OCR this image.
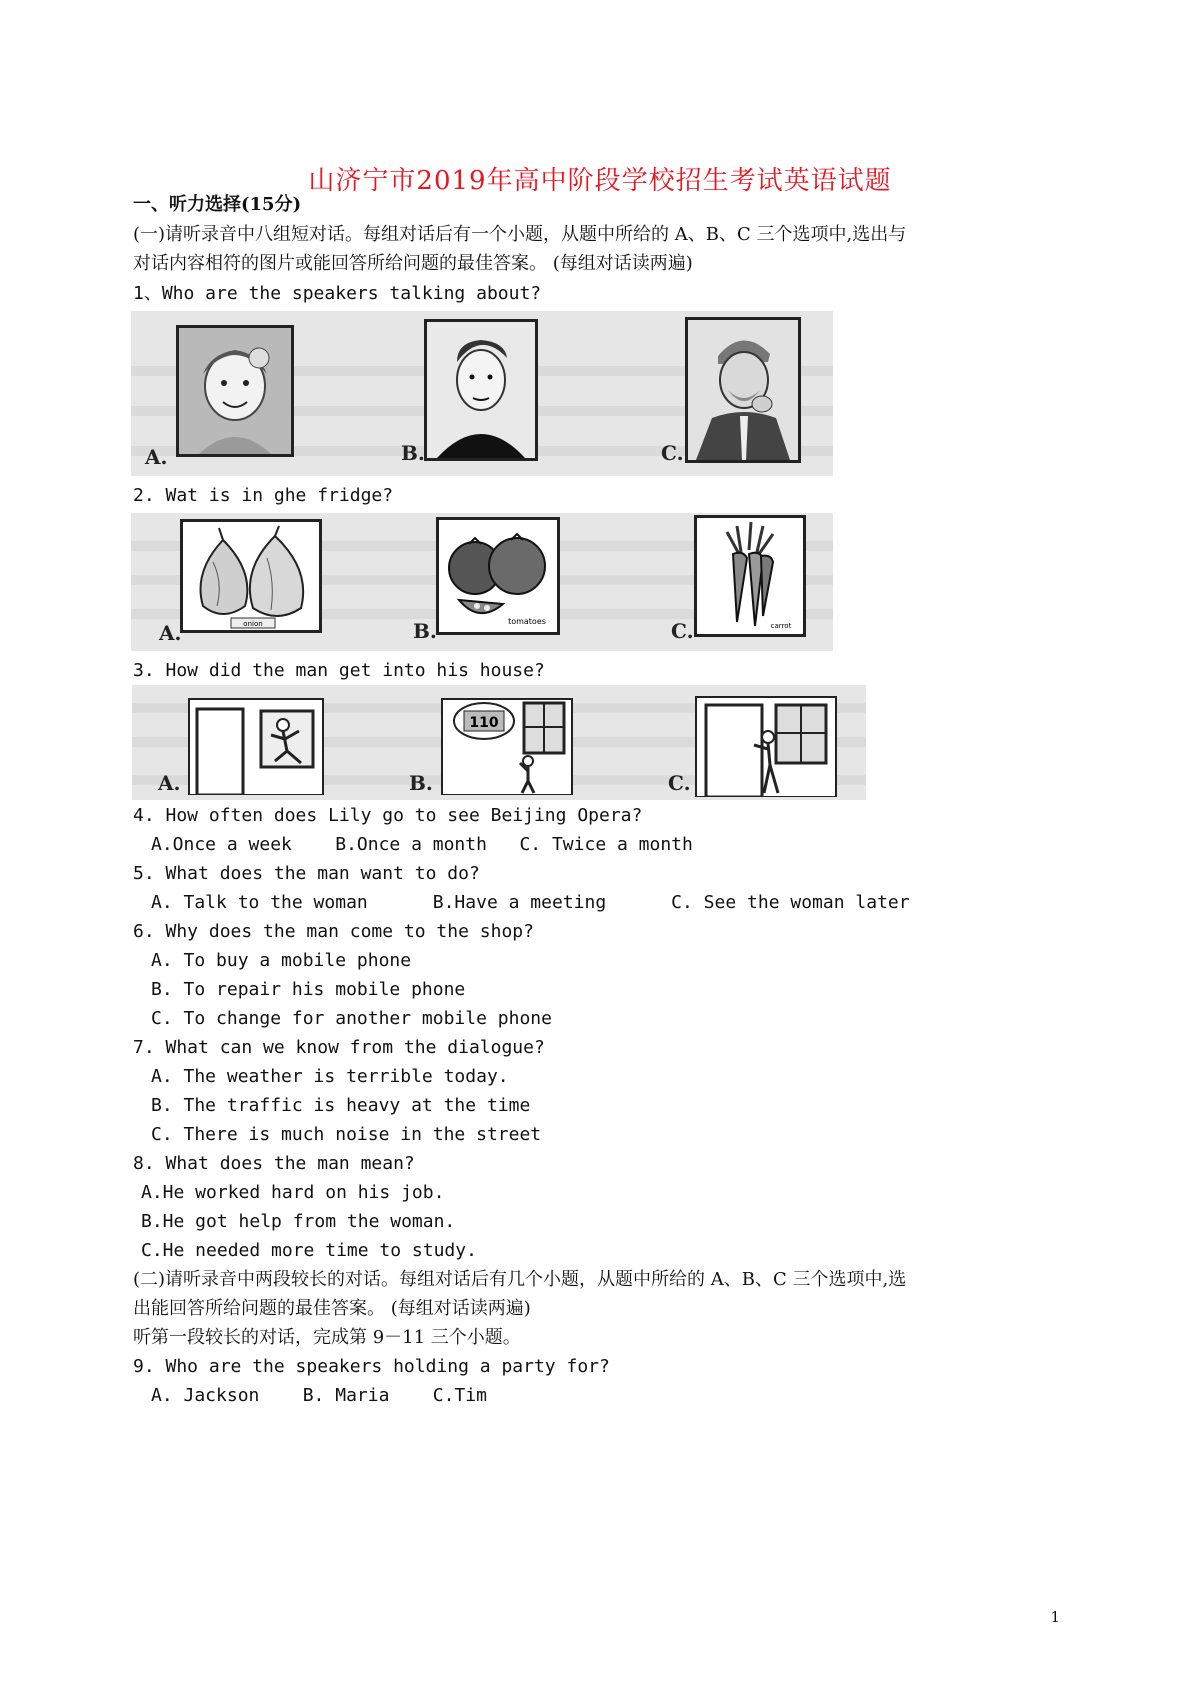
山济宁市2019年高中阶段学校招生考试英语试题
一、听力选择(15分)
(一)请听录音中八组短对话。每组对话后有一个小题，从题中所给的 A、B、C 三个选项中,选出与
对话内容相符的图片或能回答所给问题的最佳答案。 (每组对话读两遍)
1、Who are the speakers talking about?
A.	B.	C.
2. Wat is in ghe fridge?
onion	tomatoes	carrot
A.	B.	C.
3. How did the man get into his house?
110
A.	B.	C.
4. How often does Lily go to see Beijing Opera?
A.Once a week    B.Once a month   C. Twice a month
5. What does the man want to do?
A. Talk to the woman      B.Have a meeting      C. See the woman later
6. Why does the man come to the shop?
A. To buy a mobile phone
B. To repair his mobile phone
C. To change for another mobile phone
7. What can we know from the dialogue?
A. The weather is terrible today.
B. The traffic is heavy at the time
C. There is much noise in the street
8. What does the man mean?
A.He worked hard on his job.
B.He got help from the woman.
C.He needed more time to study.
(二)请听录音中两段较长的对话。每组对话后有几个小题，从题中所给的 A、B、C 三个选项中,选
出能回答所给问题的最佳答案。 (每组对话读两遍)
听第一段较长的对话，完成第 9－11 三个小题。
9. Who are the speakers holding a party for?
A. Jackson    B. Maria    C.Tim
1
